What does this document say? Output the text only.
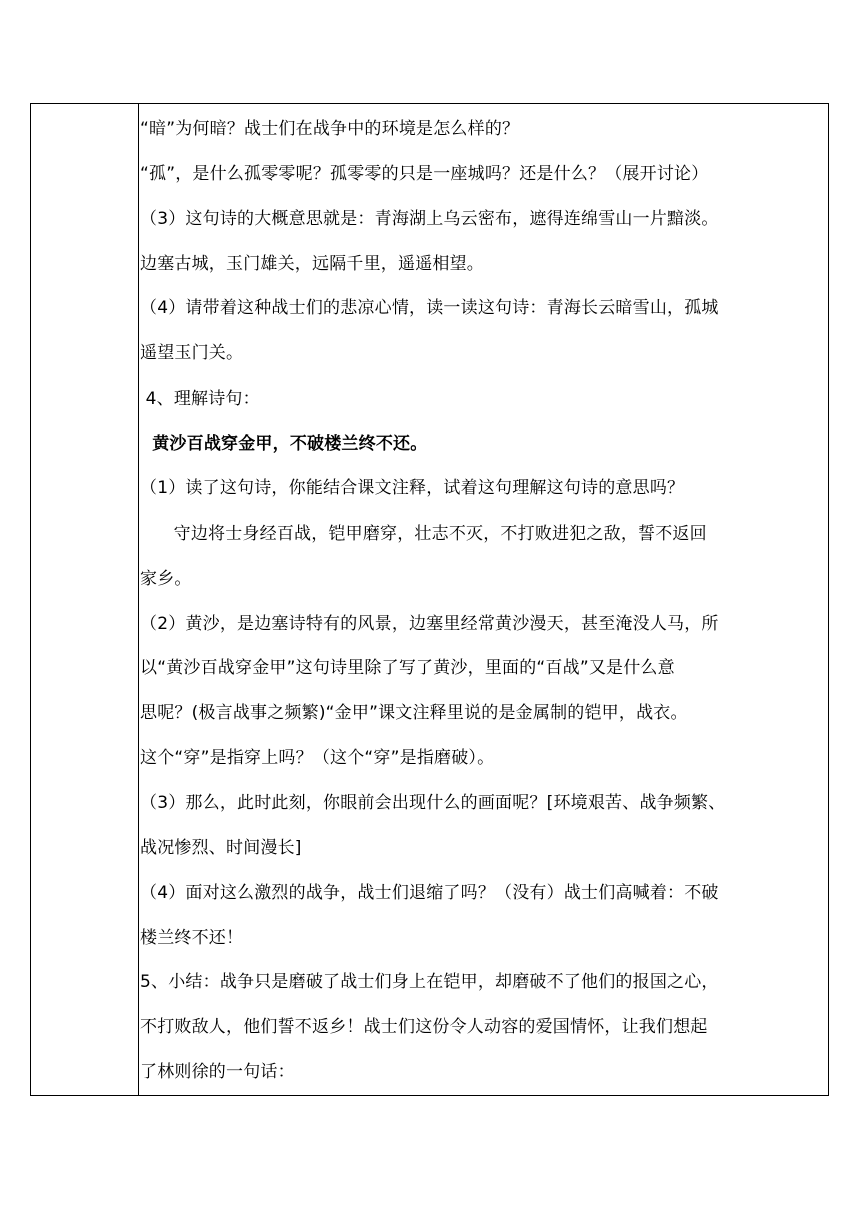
“暗”为何暗？战士们在战争中的环境是怎么样的？
“孤”，是什么孤零零呢？孤零零的只是一座城吗？还是什么？（展开讨论）
（3）这句诗的大概意思就是：青海湖上乌云密布，遮得连绵雪山一片黯淡。
边塞古城，玉门雄关，远隔千里，遥遥相望。
（4）请带着这种战士们的悲凉心情，读一读这句诗：青海长云暗雪山，孤城
遥望玉门关。
4、理解诗句：
黄沙百战穿金甲，不破楼兰终不还。
（1）读了这句诗，你能结合课文注释，试着这句理解这句诗的意思吗？
守边将士身经百战，铠甲磨穿，壮志不灭，不打败进犯之敌，誓不返回
家乡。
（2）黄沙，是边塞诗特有的风景，边塞里经常黄沙漫天，甚至淹没人马，所
以“黄沙百战穿金甲”这句诗里除了写了黄沙，里面的“百战”又是什么意
思呢？(极言战事之频繁)“金甲”课文注释里说的是金属制的铠甲，战衣。
这个“穿”是指穿上吗？（这个“穿”是指磨破）。
（3）那么，此时此刻，你眼前会出现什么的画面呢？[环境艰苦、战争频繁、
战况惨烈、时间漫长]
（4）面对这么激烈的战争，战士们退缩了吗？（没有）战士们高喊着：不破
楼兰终不还！
5、小结：战争只是磨破了战士们身上在铠甲，却磨破不了他们的报国之心，
不打败敌人，他们誓不返乡！战士们这份令人动容的爱国情怀，让我们想起
了林则徐的一句话：
